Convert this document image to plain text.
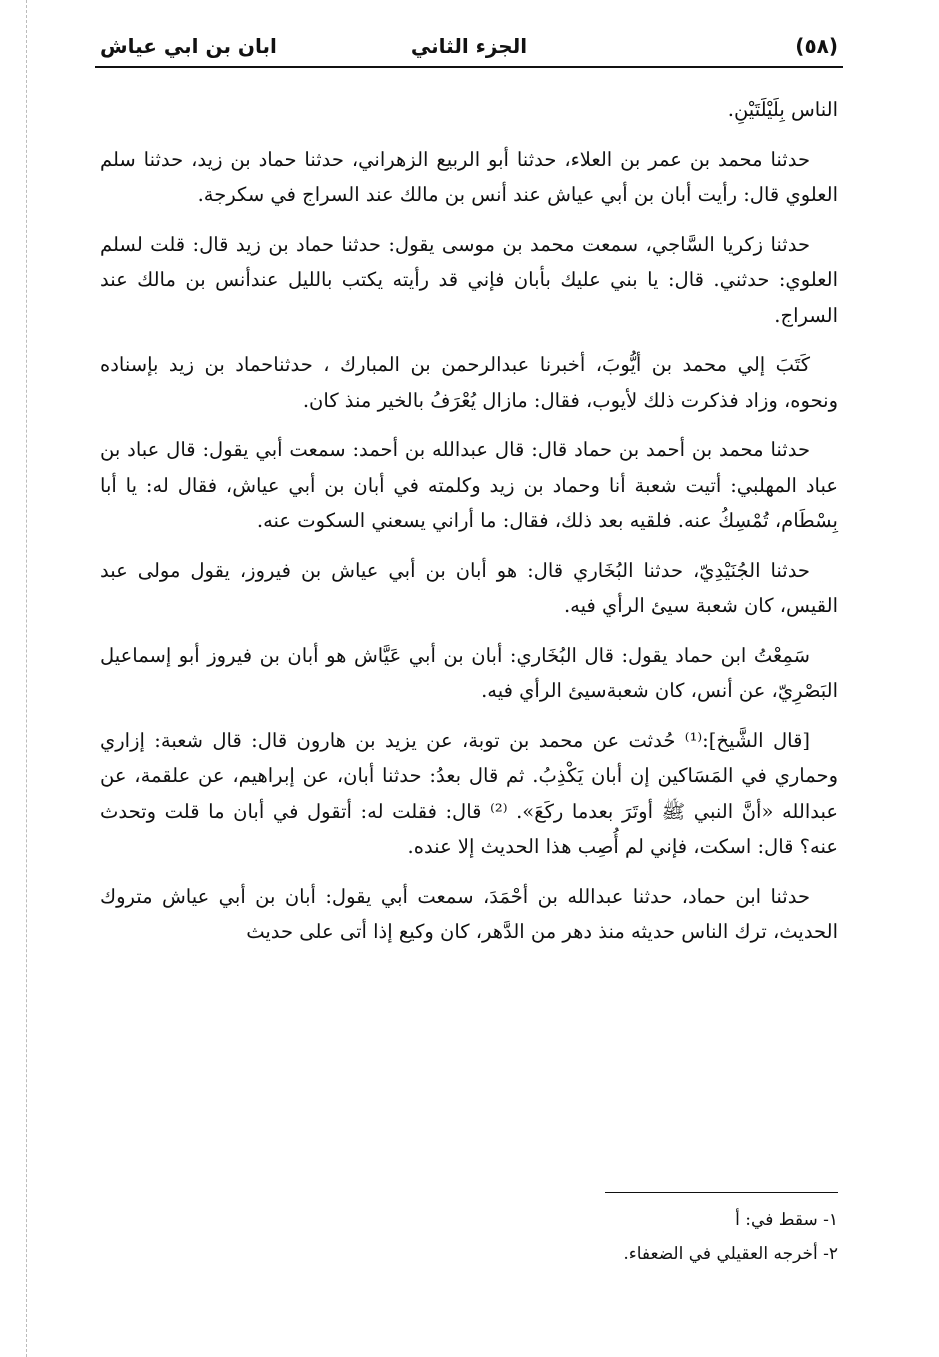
(٥٨)
الجزء الثاني
ابان بن ابي عياش

الناس بِلَيْلَتَيْنِ.

حدثنا محمد بن عمر بن العلاء، حدثنا أبو الربيع الزهراني، حدثنا حماد بن زيد، حدثنا سلم العلوي قال: رأيت أبان بن أبي عياش عند أنس بن مالك عند السراج في سكرجة.

حدثنا زكريا السَّاجي، سمعت محمد بن موسى يقول: حدثنا حماد بن زيد قال: قلت لسلم العلوي: حدثني. قال: يا بني عليك بأبان فإني قد رأيته يكتب بالليل عندأنس بن مالك عند السراج.

كَتَبَ إلي محمد بن أيُّوبَ، أخبرنا عبدالرحمن بن المبارك ، حدثناحماد بن زيد بإسناده ونحوه، وزاد فذكرت ذلك لأيوب، فقال: مازال يُعْرَفُ بالخير منذ كان.

حدثنا محمد بن أحمد بن حماد قال: قال عبدالله بن أحمد: سمعت أبي يقول: قال عباد بن عباد المهلبي: أتيت شعبة أنا وحماد بن زيد وكلمته في أبان بن أبي عياش، فقال له: يا أبا بِسْطَام، تُمْسِكُ عنه. فلقيه بعد ذلك، فقال: ما أراني يسعني السكوت عنه.

حدثنا الجُنَيْدِيّ، حدثنا البُخَاري قال: هو أبان بن أبي عياش بن فيروز، يقول مولى عبد القيس، كان شعبة سيئ الرأي فيه.

سَمِعْتُ ابن حماد يقول: قال البُخَاري: أبان بن أبي عَيَّاش هو أبان بن فيروز أبو إسماعيل البَصْرِيّ، عن أنس، كان شعبةسيئ الرأي فيه.

[قال الشَّيخ]:⁽¹⁾ حُدثت عن محمد بن توبة، عن يزيد بن هارون قال: قال شعبة: إزاري وحماري في المَسَاكين إن أبان يَكْذِبُ. ثم قال بعدُ: حدثنا أبان، عن إبراهيم، عن علقمة، عن عبدالله «أنَّ النبي ﷺ أوتَرَ بعدما ركَعَ». ⁽²⁾ قال: فقلت له: أتقول في أبان ما قلت وتحدث عنه؟ قال: اسكت، فإني لم أُصِب هذا الحديث إلا عنده.

حدثنا ابن حماد، حدثنا عبدالله بن أحْمَدَ، سمعت أبي يقول: أبان بن أبي عياش متروك الحديث، ترك الناس حديثه منذ دهر من الدَّهر، كان وكيع إذا أتى على حديث

١- سقط في: أ
٢- أخرجه العقيلي في الضعفاء.
